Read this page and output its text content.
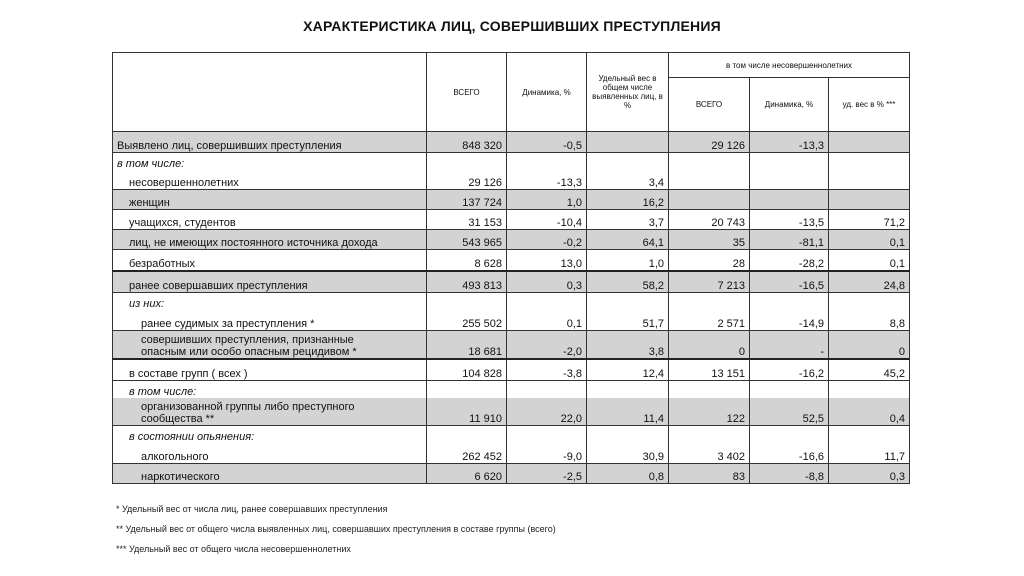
ХАРАКТЕРИСТИКА ЛИЦ, СОВЕРШИВШИХ ПРЕСТУПЛЕНИЯ
	ВСЕГО	Динамика, %	Удельный вес в общем числе выявленных лиц, в %	в том числе несовершеннолетних		
				ВСЕГО	Динамика, %	уд. вес в % ***
Выявлено лиц, совершивших преступления	848 320	-0,5		29 126	-13,3	
в том числе:						
несовершеннолетних	29 126	-13,3	3,4			
женщин	137 724	1,0	16,2			
учащихся, студентов	31 153	-10,4	3,7	20 743	-13,5	71,2
лиц, не имеющих постоянного источника дохода	543 965	-0,2	64,1	35	-81,1	0,1
безработных	8 628	13,0	1,0	28	-28,2	0,1
ранее совершавших преступления	493 813	0,3	58,2	7 213	-16,5	24,8
из них:						
ранее судимых за преступления *	255 502	0,1	51,7	2 571	-14,9	8,8
совершивших преступления, признанные
опасным или особо опасным рецидивом *	18 681	-2,0	3,8	0	-	0
в составе групп ( всех )	104 828	-3,8	12,4	13 151	-16,2	45,2
в том числе:						
организованной группы либо преступного
сообщества **	11 910	22,0	11,4	122	52,5	0,4
в состоянии опьянения:						
алкогольного	262 452	-9,0	30,9	3 402	-16,6	11,7
наркотического	6 620	-2,5	0,8	83	-8,8	0,3
* Удельный вес от числа лиц, ранее совершавших преступления
** Удельный вес от общего числа выявленных лиц, совершавших преступления в составе группы (всего)
*** Удельный вес от общего числа несовершеннолетних
